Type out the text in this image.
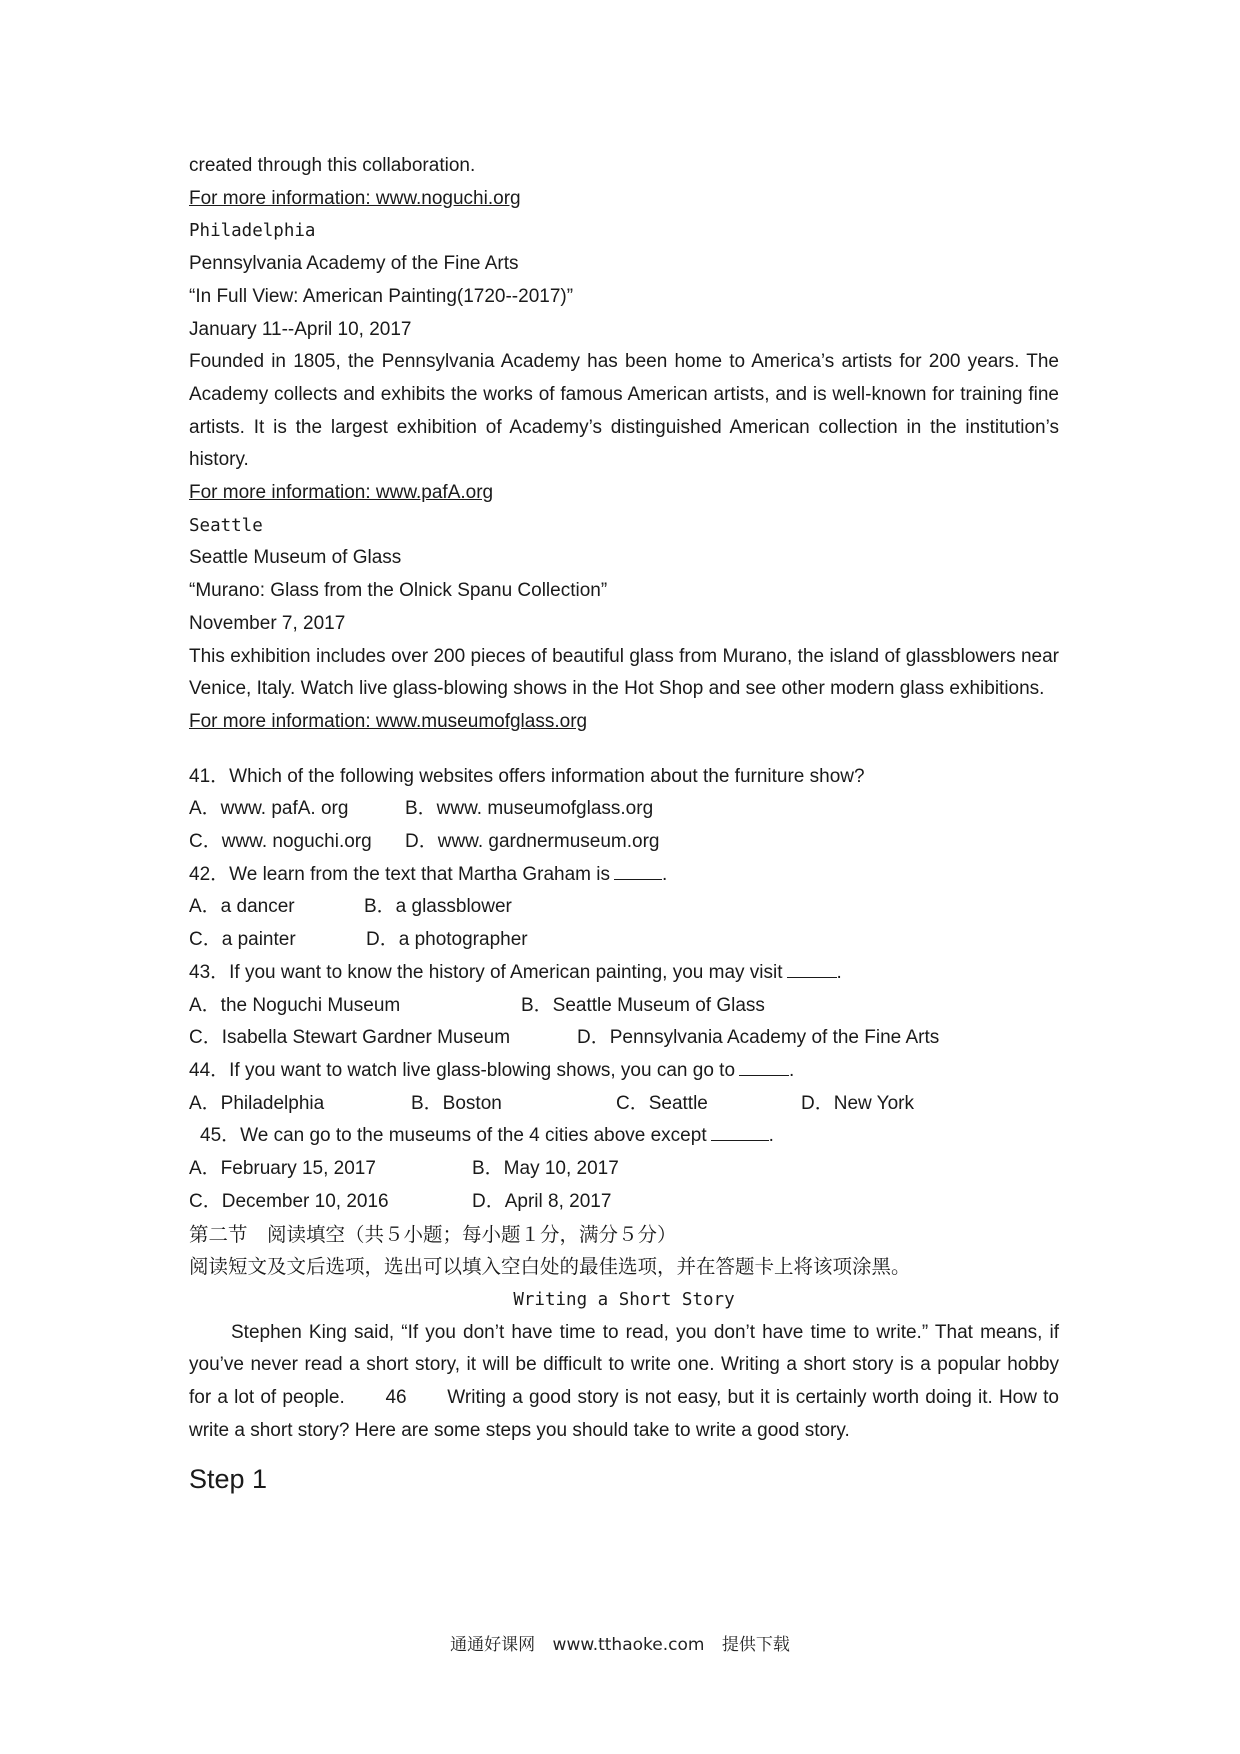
created through this collaboration.
For more information: www.noguchi.org
Philadelphia
Pennsylvania Academy of the Fine Arts
“In Full View: American Painting(1720--2017)”
January 11--April 10, 2017
Founded in 1805, the Pennsylvania Academy has been home to America’s artists for 200 years. The Academy collects and exhibits the works of famous American artists, and is well-known for training fine artists. It is the largest exhibition of Academy’s distinguished American collection in the institution’s history.
For more information: www.pafA.org
Seattle
Seattle Museum of Glass
“Murano: Glass from the Olnick Spanu Collection”
November 7, 2017
This exhibition includes over 200 pieces of beautiful glass from Murano, the island of glassblowers near Venice, Italy. Watch live glass-blowing shows in the Hot Shop and see other modern glass exhibitions.
For more information: www.museumofglass.org
41．Which of the following websites offers information about the furniture show?
A．www. pafA. org	B．www. museumofglass.org
C．www. noguchi.org	D．www. gardnermuseum.org
42．We learn from the text that Martha Graham is	.
A．a dancer	B．a glassblower
C．a painter	D．a photographer
43．If you want to know the history of American painting, you may visit	.
A．the Noguchi Museum	B．Seattle Museum of Glass
C．Isabella Stewart Gardner Museum	D．Pennsylvania Academy of the Fine Arts
44．If you want to watch live glass-blowing shows, you can go to	.
A．Philadelphia	B．Boston	C．Seattle	D．New York
45．We can go to the museums of the 4 cities above except	.
A．February 15, 2017	B．May 10, 2017
C．December 10, 2016	D．April 8, 2017
第二节　阅读填空（共５小题；每小题１分，满分５分）
阅读短文及文后选项，选出可以填入空白处的最佳选项，并在答题卡上将该项涂黑。
Writing a Short Story
Stephen King said, “If you don’t have time to read, you don’t have time to write.” That means, if you’ve never read a short story, it will be difficult to write one. Writing a short story is a popular hobby for a lot of people.　　46　　Writing a good story is not easy, but it is certainly worth doing it. How to write a short story? Here are some steps you should take to write a good story.
Step 1
通通好课网 www.tthaoke.com 提供下载
